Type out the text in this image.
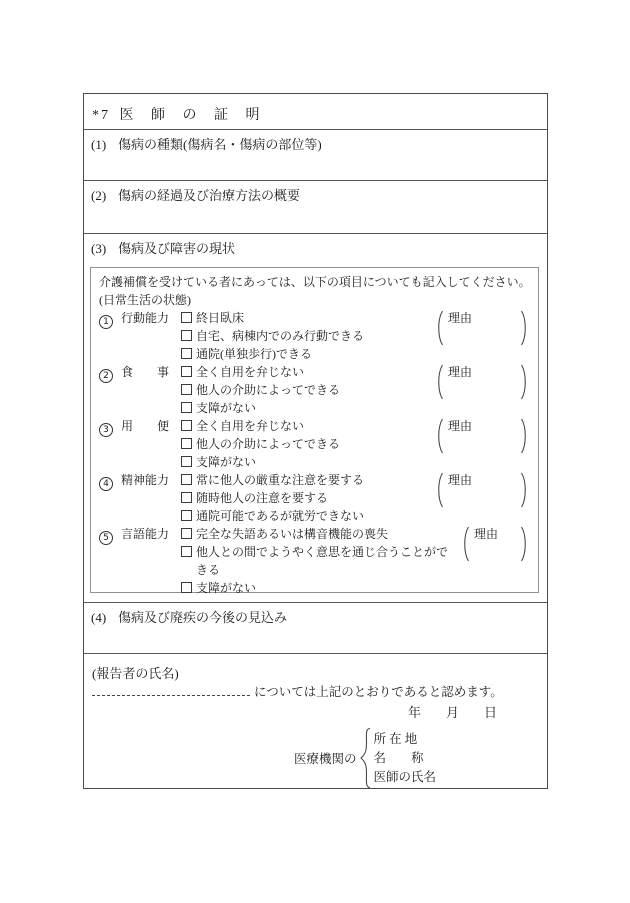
*7 医 師 の 証 明
(1) 傷病の種類(傷病名・傷病の部位等)
(2) 傷病の経過及び治療方法の概要
(3) 傷病及び障害の現状
介護補償を受けている者にあっては、以下の項目についても記入してください。
(日常生活の状態)
1	行動能力	終日臥床
自宅、病棟内でのみ行動できる
通院(単独歩行)できる
理由
2	食　　事	全く自用を弁じない
他人の介助によってできる
支障がない
理由
3	用　　便	全く自用を弁じない
他人の介助によってできる
支障がない
理由
4	精神能力	常に他人の厳重な注意を要する
随時他人の注意を要する
通院可能であるが就労できない
理由
5	言語能力	完全な失語あるいは構音機能の喪失
他人との間でようやく意思を通じ合うことがで
きる
支障がない
理由
(4) 傷病及び廃疾の今後の見込み
(報告者の氏名)
については上記のとおりであると認めます。
年　月　日
医療機関の
所 在 地
名　　称
医師の氏名
